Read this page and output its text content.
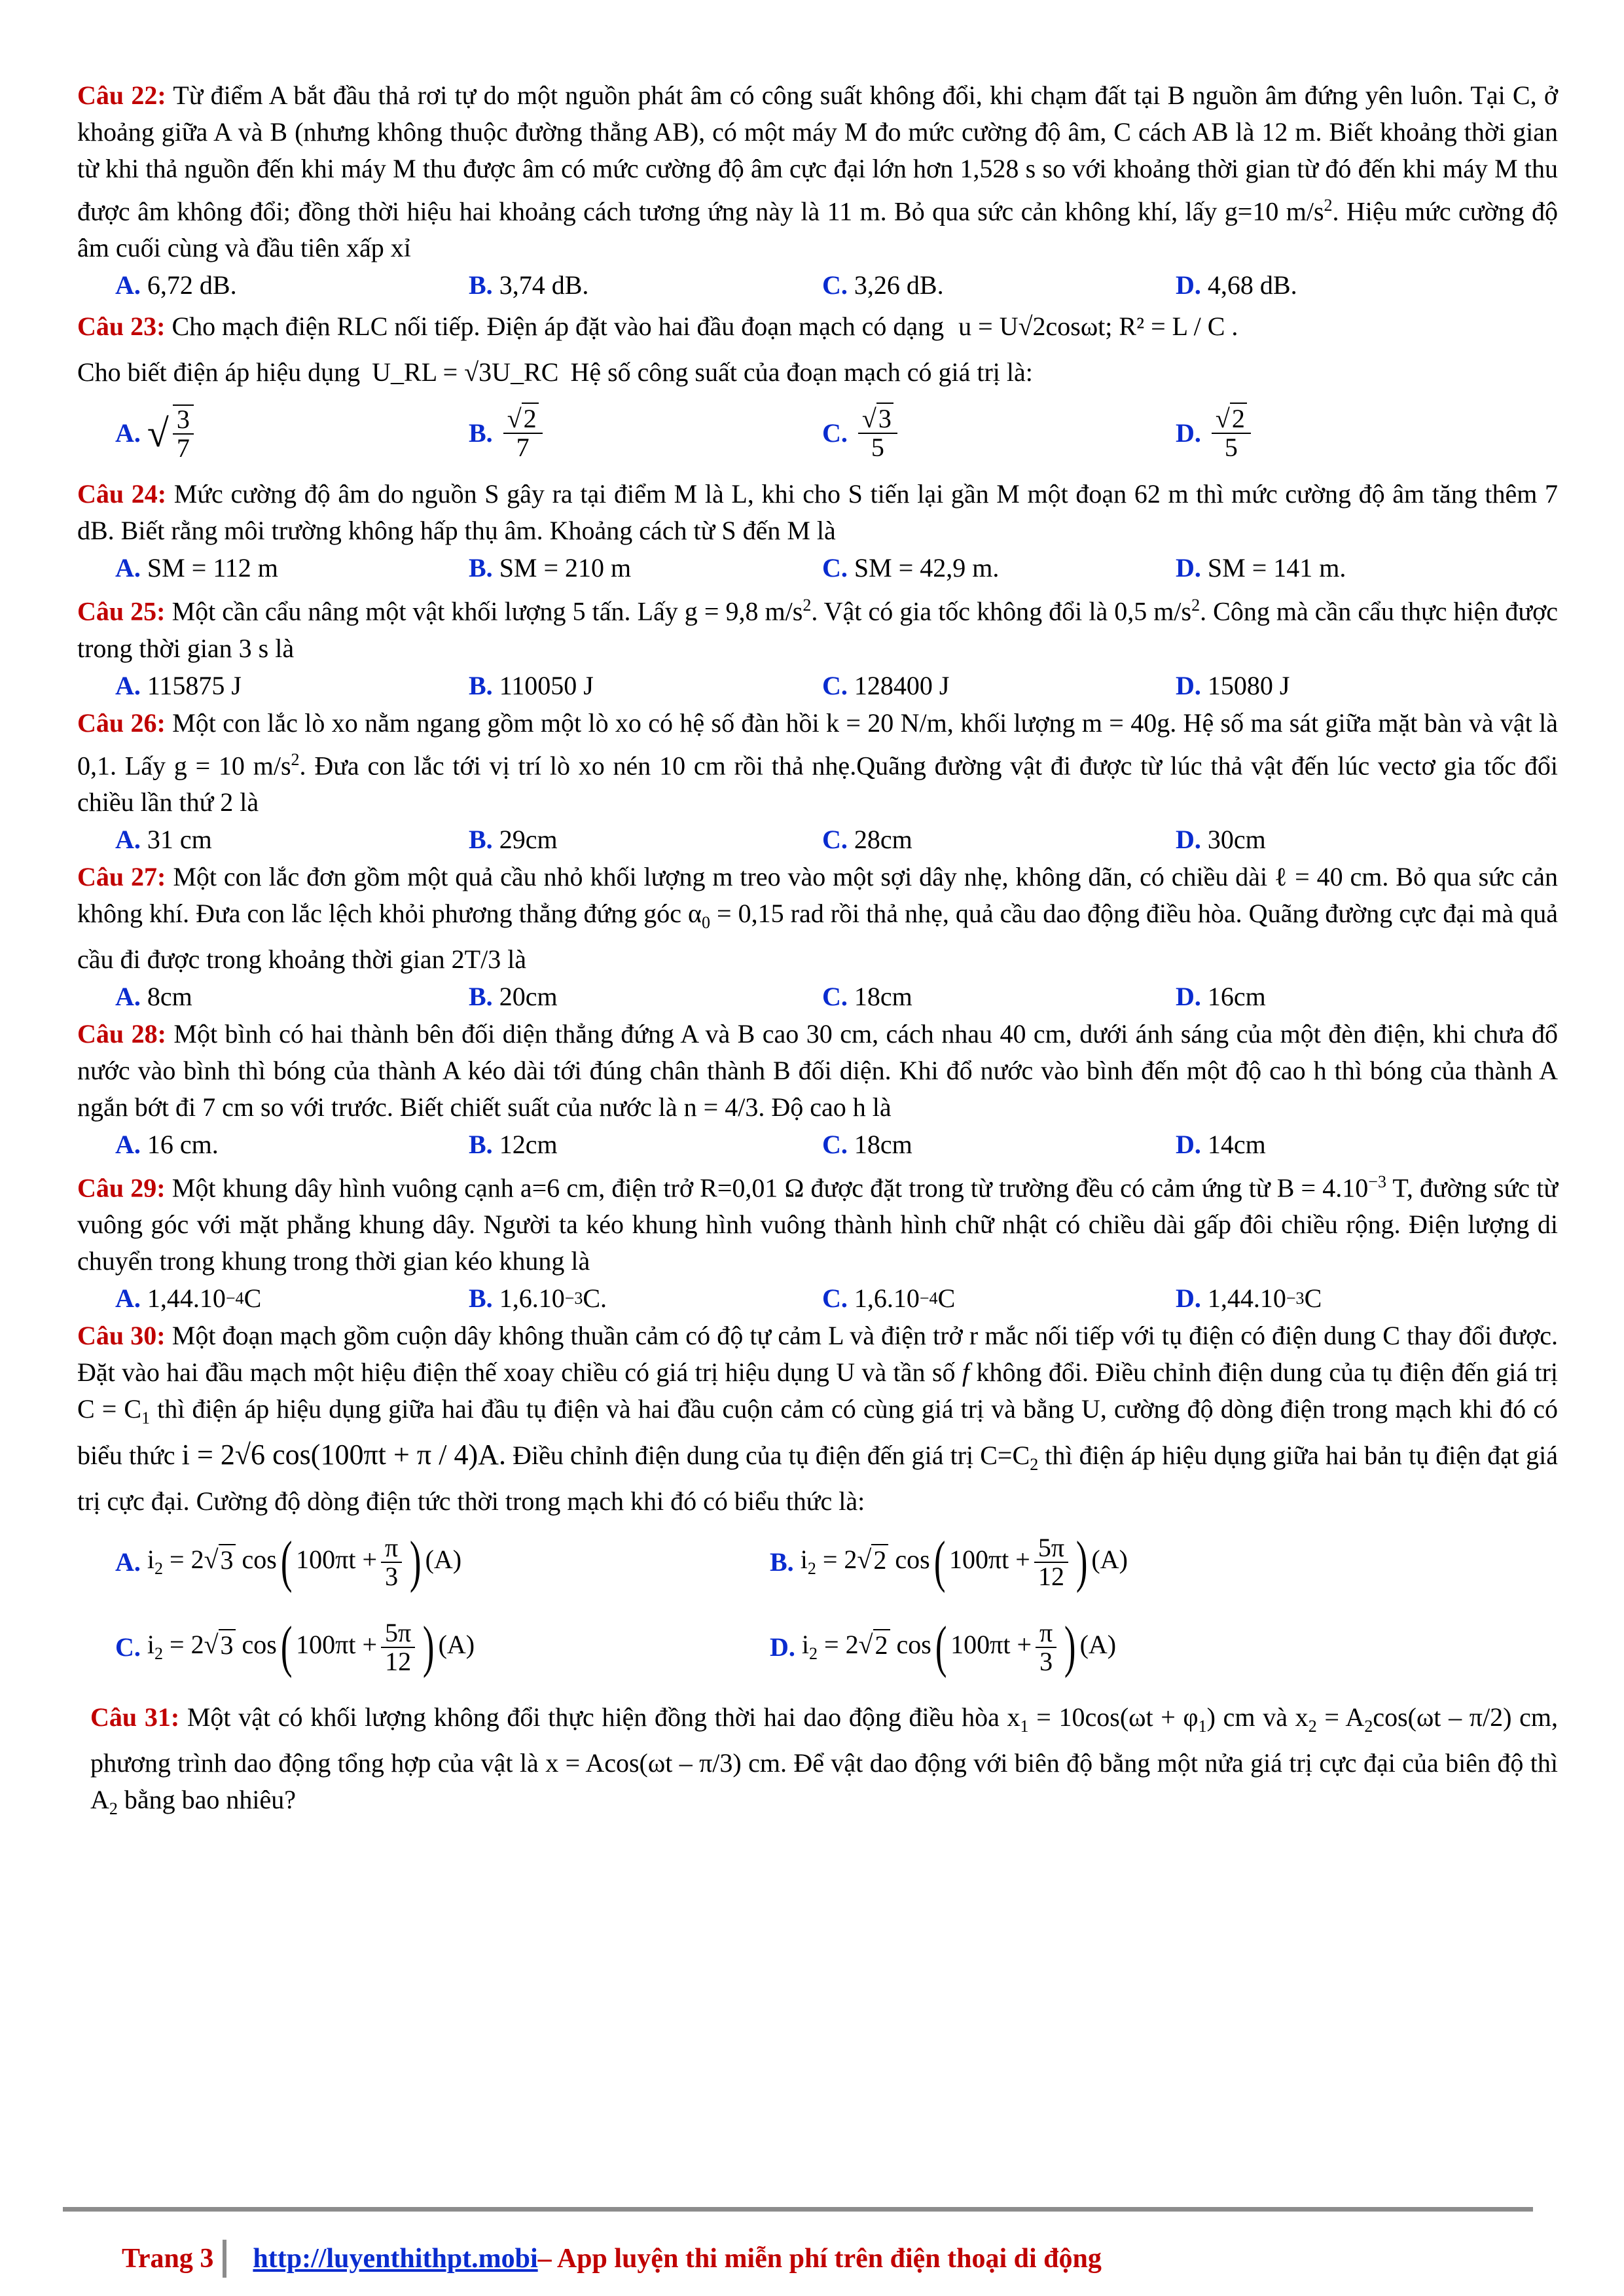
Câu 22: Từ điểm A bắt đầu thả rơi tự do một nguồn phát âm có công suất không đổi, khi chạm đất tại B nguồn âm đứng yên luôn. Tại C, ở khoảng giữa A và B (nhưng không thuộc đường thẳng AB), có một máy M đo mức cường độ âm, C cách AB là 12 m. Biết khoảng thời gian từ khi thả nguồn đến khi máy M thu được âm có mức cường độ âm cực đại lớn hơn 1,528 s so với khoảng thời gian từ đó đến khi máy M thu được âm không đổi; đồng thời hiệu hai khoảng cách tương ứng này là 11 m. Bỏ qua sức cản không khí, lấy g=10 $m/s^2$. Hiệu mức cường độ âm cuối cùng và đầu tiên xấp xỉ
A. 6,72 dB.	B. 3,74 dB.	C. 3,26 dB.	D. 4,68 dB.
Câu 23: Cho mạch điện RLC nối tiếp. Điện áp đặt vào hai đầu đoạn mạch có dạng u = U√2cosωt; R² = L / C .
Cho biết điện áp hiệu dụng U_RL = √3U_RC Hệ số công suất của đoạn mạch có giá trị là:
A. √ $\frac{3}{7}$	B. $\frac{√2}{7}$	C. $\frac{√3}{5}$	D. $\frac{√2}{5}$
Câu 24: Mức cường độ âm do nguồn S gây ra tại điểm M là L, khi cho S tiến lại gần M một đoạn 62 m thì mức cường độ âm tăng thêm 7 dB. Biết rằng môi trường không hấp thụ âm. Khoảng cách từ S đến M là
A. SM = 112 m	B. SM = 210 m	C. SM = 42,9 m.	D. SM = 141 m.
Câu 25: Một cần cẩu nâng một vật khối lượng 5 tấn. Lấy g = 9,8 $m/s^2$. Vật có gia tốc không đổi là 0,5 $m/s^2$. Công mà cần cẩu thực hiện được trong thời gian 3 s là
A. 115875 J	B. 110050 J	C. 128400 J	D. 15080 J
Câu 26: Một con lắc lò xo nằm ngang gồm một lò xo có hệ số đàn hồi k = 20 N/m, khối lượng m = 40g. Hệ số ma sát giữa mặt bàn và vật là 0,1. Lấy g = 10 $m/s^2$. Đưa con lắc tới vị trí lò xo nén 10 cm rồi thả nhẹ.Quãng đường vật đi được từ lúc thả vật đến lúc vectơ gia tốc đổi chiều lần thứ 2 là
A. 31 cm	B. 29cm	C. 28cm	D. 30cm
Câu 27: Một con lắc đơn gồm một quả cầu nhỏ khối lượng m treo vào một sợi dây nhẹ, không dãn, có chiều dài ℓ = 40 cm. Bỏ qua sức cản không khí. Đưa con lắc lệch khỏi phương thẳng đứng góc $\alpha_0 = 0,15$ rad rồi thả nhẹ, quả cầu dao động điều hòa. Quãng đường cực đại mà quả cầu đi được trong khoảng thời gian 2T/3 là
A. 8cm	B. 20cm	C. 18cm	D. 16cm
Câu 28: Một bình có hai thành bên đối diện thẳng đứng A và B cao 30 cm, cách nhau 40 cm, dưới ánh sáng của một đèn điện, khi chưa đổ nước vào bình thì bóng của thành A kéo dài tới đúng chân thành B đối diện. Khi đổ nước vào bình đến một độ cao h thì bóng của thành A ngắn bớt đi 7 cm so với trước. Biết chiết suất của nước là n = 4/3. Độ cao h là
A. 16 cm.	B. 12cm	C. 18cm	D. 14cm
Câu 29: Một khung dây hình vuông cạnh a=6 cm, điện trở R=0,01 Ω được đặt trong từ trường đều có cảm ứng từ $B = 4.10^{-3}$ T, đường sức từ vuông góc với mặt phẳng khung dây. Người ta kéo khung hình vuông thành hình chữ nhật có chiều dài gấp đôi chiều rộng. Điện lượng di chuyển trong khung trong thời gian kéo khung là
A. 1,44.10 −4 C	B. 1,6.10 −3 C.	C. 1,6.10 −4 C	D. 1,44.10 −3 C
Câu 30: Một đoạn mạch gồm cuộn dây không thuần cảm có độ tự cảm L và điện trở r mắc nối tiếp với tụ điện có điện dung C thay đổi được. Đặt vào hai đầu mạch một hiệu điện thế xoay chiều có giá trị hiệu dụng U và tần số f không đổi. Điều chỉnh điện dung của tụ điện đến giá trị $C = C_1$ thì điện áp hiệu dụng giữa hai đầu tụ điện và hai đầu cuộn cảm có cùng giá trị và bằng U, cường độ dòng điện trong mạch khi đó có biểu thức i = 2√6 cos(100πt + π / 4)A. Điều chỉnh điện dung của tụ điện đến giá trị $C=C_2$ thì điện áp hiệu dụng giữa hai bản tụ điện đạt giá trị cực đại. Cường độ dòng điện tức thời trong mạch khi đó có biểu thức là:
A. $i_2 = 2√3$ cos( $100\pi t + \frac{\pi}{3}$ ) (A)	B. $i_2 = 2√2$ cos( $100\pi t + \frac{5\pi}{12}$ ) (A)
C. $i_2 = 2√3$ cos( $100\pi t + \frac{5\pi}{12}$ ) (A)	D. $i_2 = 2√2$ cos( $100\pi t + \frac{\pi}{3}$ ) (A)
Câu 31: Một vật có khối lượng không đổi thực hiện đồng thời hai dao động điều hòa $x_1 = 10\cos(\omega t + \varphi_1)$ cm và $x_2 = A_2\cos(\omega t - \pi/2)$ cm, phương trình dao động tổng hợp của vật là x = Acos(ωt – π/3) cm. Để vật dao động với biên độ bằng một nửa giá trị cực đại của biên độ thì $A_2$ bằng bao nhiêu?
Trang 3 http://luyenthithpt.mobi – App luyện thi miễn phí trên điện thoại di động
